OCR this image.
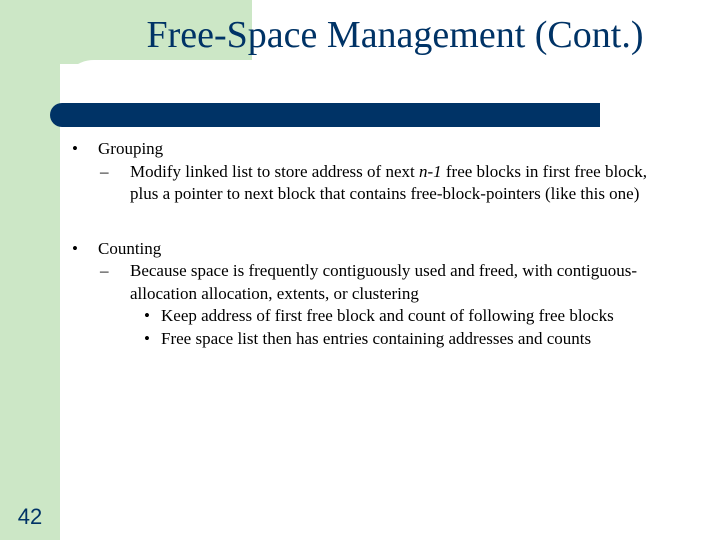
Free-Space Management (Cont.)
42
• Grouping
– Modify linked list to store address of next n-1 free blocks in first free block, plus a pointer to next block that contains free-block-pointers (like this one)
• Counting
– Because space is frequently contiguously used and freed, with contiguous-allocation allocation, extents, or clustering
• Keep address of first free block and count of following free blocks
• Free space list then has entries containing addresses and counts
